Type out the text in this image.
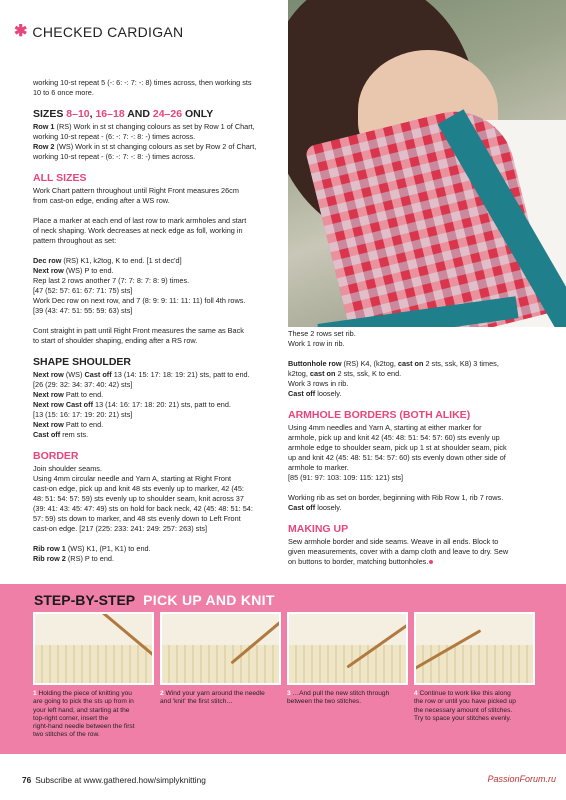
✱ CHECKED CARDIGAN
working 10-st repeat 5 (-: 6: -: 7: -: 8) times across, then working sts
10 to 6 once more.
SIZES 8–10, 16–18 AND 24–26 ONLY
Row 1 (RS) Work in st st changing colours as set by Row 1 of Chart,
working 10-st repeat - (6: -: 7: -: 8: -) times across.
Row 2 (WS) Work in st st changing colours as set by Row 2 of Chart,
working 10-st repeat - (6: -: 7: -: 8: -) times across.
ALL SIZES
Work Chart pattern throughout until Right Front measures 26cm
from cast-on edge, ending after a WS row.
Place a marker at each end of last row to mark armholes and start
of neck shaping. Work decreases at neck edge as foll, working in
pattern throughout as set:
Dec row (RS) K1, k2tog, K to end. [1 st dec'd]
Next row (WS) P to end.
Rep last 2 rows another 7 (7: 7: 8: 7: 8: 9) times.
[47 (52: 57: 61: 67: 71: 75) sts]
Work Dec row on next row, and 7 (8: 9: 9: 11: 11: 11) foll 4th rows.
[39 (43: 47: 51: 55: 59: 63) sts]
Cont straight in patt until Right Front measures the same as Back
to start of shoulder shaping, ending after a RS row.
SHAPE SHOULDER
Next row (WS) Cast off 13 (14: 15: 17: 18: 19: 21) sts, patt to end.
[26 (29: 32: 34: 37: 40: 42) sts]
Next row Patt to end.
Next row Cast off 13 (14: 16: 17: 18: 20: 21) sts, patt to end.
[13 (15: 16: 17: 19: 20: 21) sts]
Next row Patt to end.
Cast off rem sts.
BORDER
Join shoulder seams.
Using 4mm circular needle and Yarn A, starting at Right Front
cast-on edge, pick up and knit 48 sts evenly up to marker, 42 (45:
48: 51: 54: 57: 59) sts evenly up to shoulder seam, knit across 37
(39: 41: 43: 45: 47: 49) sts on hold for back neck, 42 (45: 48: 51: 54:
57: 59) sts down to marker, and 48 sts evenly down to Left Front
cast-on edge. [217 (225: 233: 241: 249: 257: 263) sts]
Rib row 1 (WS) K1, (P1, K1) to end.
Rib row 2 (RS) P to end.
These 2 rows set rib.
Work 1 row in rib.
Buttonhole row (RS) K4, (k2tog, cast on 2 sts, ssk, K8) 3 times,
k2tog, cast on 2 sts, ssk, K to end.
Work 3 rows in rib.
Cast off loosely.
ARMHOLE BORDERS (BOTH ALIKE)
Using 4mm needles and Yarn A, starting at either marker for
armhole, pick up and knit 42 (45: 48: 51: 54: 57: 60) sts evenly up
armhole edge to shoulder seam, pick up 1 st at shoulder seam, pick
up and knit 42 (45: 48: 51: 54: 57: 60) sts evenly down other side of
armhole to marker.
[85 (91: 97: 103: 109: 115: 121) sts]
Working rib as set on border, beginning with Rib Row 1, rib 7 rows.
Cast off loosely.
MAKING UP
Sew armhole border and side seams. Weave in all ends. Block to
given measurements, cover with a damp cloth and leave to dry. Sew
on buttons to border, matching buttonholes.
STEP-BY-STEP PICK UP AND KNIT
1 Holding the piece of knitting you
are going to pick the sts up from in
your left hand, and starting at the
top-right corner, insert the
right-hand needle between the first
two stitches of the row.
2 Wind your yarn around the needle
and 'knit' the first stitch…
3 …And pull the new stitch through
between the two stitches.
4 Continue to work like this along
the row or until you have picked up
the necessary amount of stitches.
Try to space your stitches evenly.
76 Subscribe at www.gathered.how/simplyknitting	PassionForum.ru
